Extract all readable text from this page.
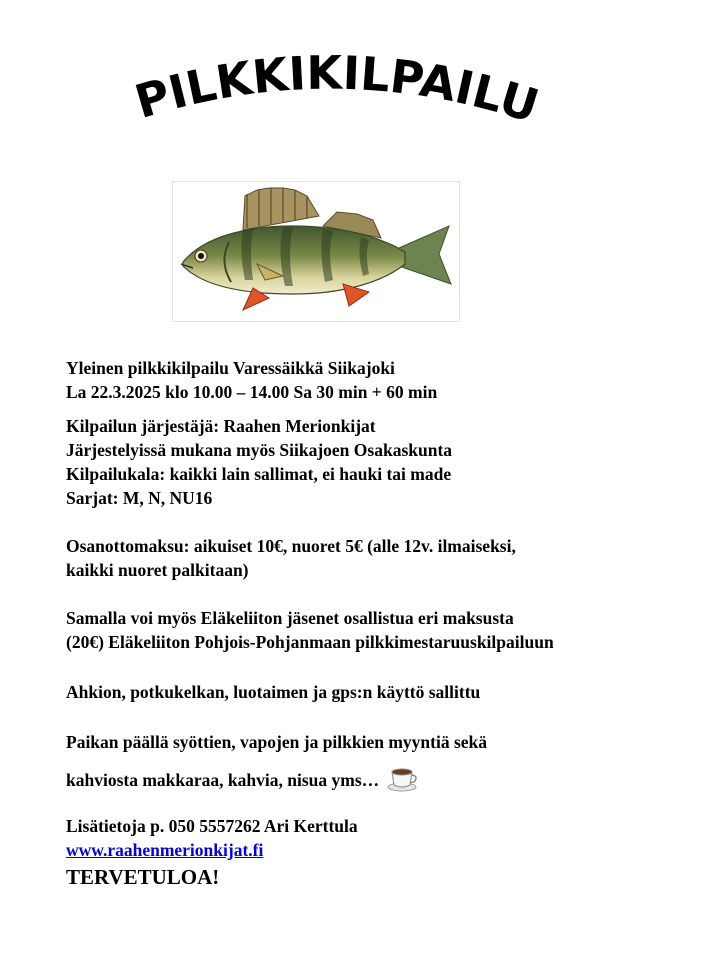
PILKKIKILPAILU

Yleinen pilkkikilpailu Varessäikkä Siikajoki

La 22.3.2025 klo 10.00 – 14.00 Sa 30 min + 60 min

Kilpailun järjestäjä: Raahen Merionkijat

Järjestelyissä mukana myös Siikajoen Osakaskunta

Kilpailukala: kaikki lain sallimat, ei hauki tai made

Sarjat: M, N, NU16

Osanottomaksu: aikuiset 10€, nuoret 5€ (alle 12v. ilmaiseksi,

kaikki nuoret palkitaan)

Samalla voi myös Eläkeliiton jäsenet osallistua eri maksusta

(20€) Eläkeliiton Pohjois-Pohjanmaan pilkkimestaruuskilpailuun

Ahkion, potkukelkan, luotaimen ja gps:n käyttö sallittu

Paikan päällä syöttien, vapojen ja pilkkien myyntiä sekä

kahviosta makkaraa, kahvia, nisua yms…

Lisätietoja p. 050 5557262 Ari Kerttula

www.raahenmerionkijat.fi

TERVETULOA!
